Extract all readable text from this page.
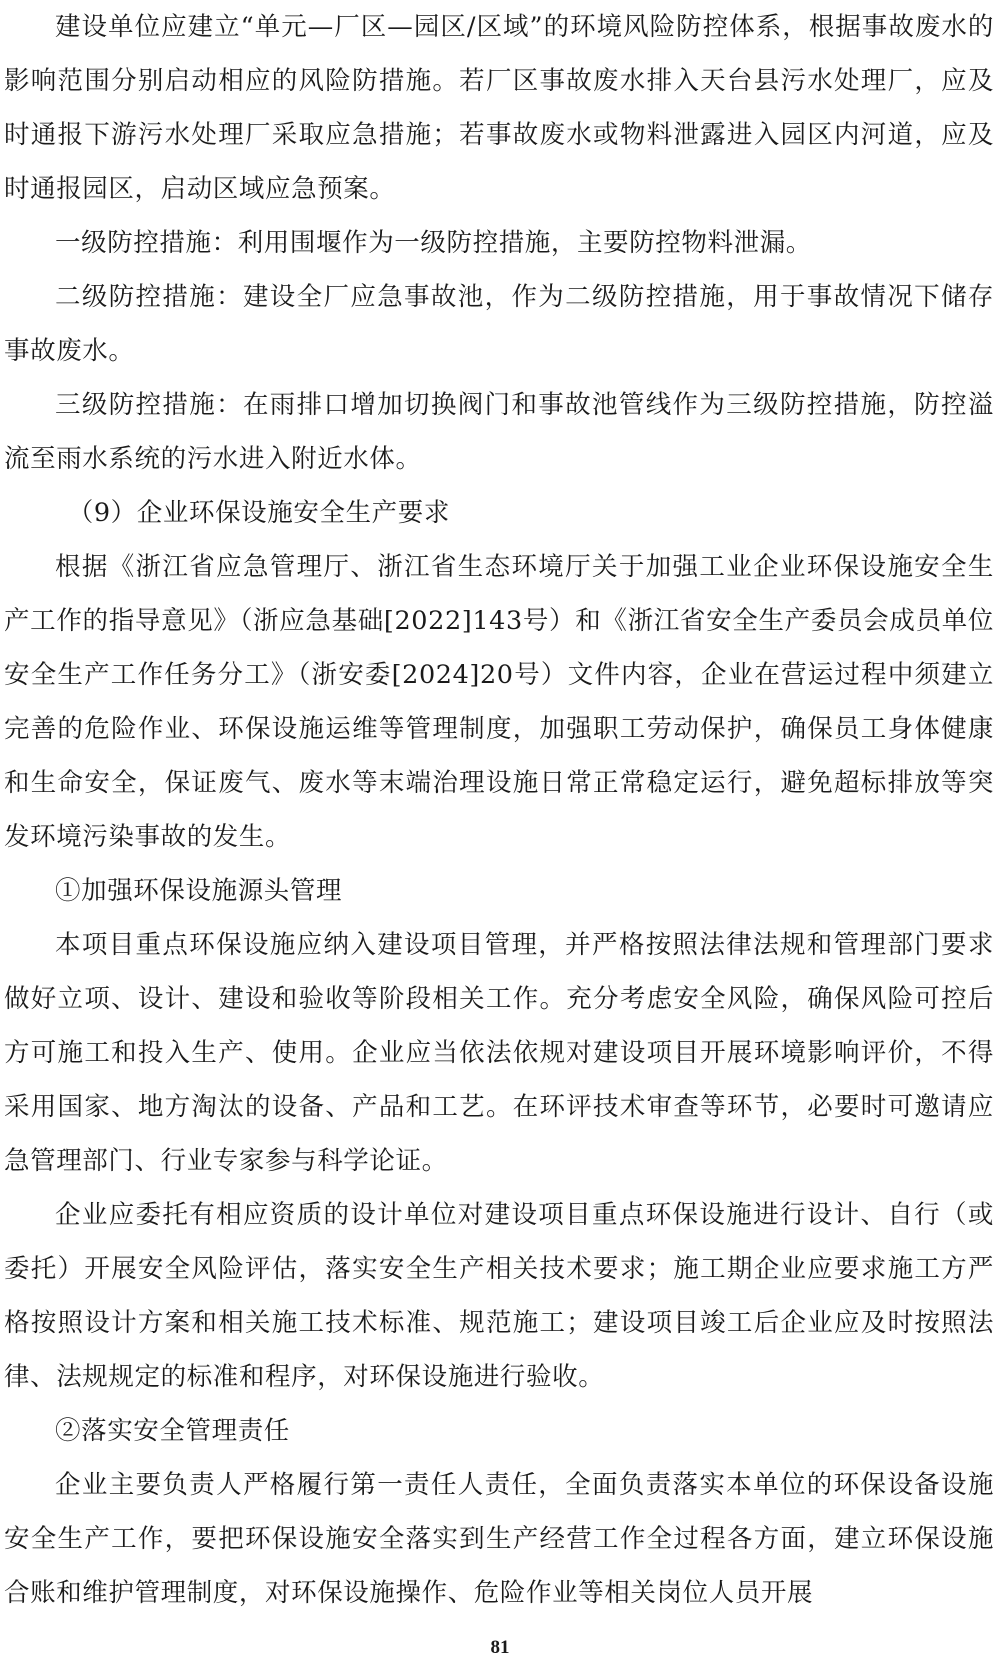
建设单位应建立“单元—厂区—园区/区域”的环境风险防控体系，根据事故废水的影响范围分别启动相应的风险防措施。若厂区事故废水排入天台县污水处理厂，应及时通报下游污水处理厂采取应急措施；若事故废水或物料泄露进入园区内河道，应及时通报园区，启动区域应急预案。

一级防控措施：利用围堰作为一级防控措施，主要防控物料泄漏。

二级防控措施：建设全厂应急事故池，作为二级防控措施，用于事故情况下储存事故废水。

三级防控措施：在雨排口增加切换阀门和事故池管线作为三级防控措施，防控溢流至雨水系统的污水进入附近水体。

（9）企业环保设施安全生产要求

根据《浙江省应急管理厅、浙江省生态环境厅关于加强工业企业环保设施安全生产工作的指导意见》（浙应急基础[2022]143号）和《浙江省安全生产委员会成员单位安全生产工作任务分工》（浙安委[2024]20号）文件内容，企业在营运过程中须建立完善的危险作业、环保设施运维等管理制度，加强职工劳动保护，确保员工身体健康和生命安全，保证废气、废水等末端治理设施日常正常稳定运行，避免超标排放等突发环境污染事故的发生。

①加强环保设施源头管理

本项目重点环保设施应纳入建设项目管理，并严格按照法律法规和管理部门要求做好立项、设计、建设和验收等阶段相关工作。充分考虑安全风险，确保风险可控后方可施工和投入生产、使用。企业应当依法依规对建设项目开展环境影响评价，不得采用国家、地方淘汰的设备、产品和工艺。在环评技术审查等环节，必要时可邀请应急管理部门、行业专家参与科学论证。

企业应委托有相应资质的设计单位对建设项目重点环保设施进行设计、自行（或委托）开展安全风险评估，落实安全生产相关技术要求；施工期企业应要求施工方严格按照设计方案和相关施工技术标准、规范施工；建设项目竣工后企业应及时按照法律、法规规定的标准和程序，对环保设施进行验收。

②落实安全管理责任

企业主要负责人严格履行第一责任人责任，全面负责落实本单位的环保设备设施安全生产工作，要把环保设施安全落实到生产经营工作全过程各方面，建立环保设施合账和维护管理制度，对环保设施操作、危险作业等相关岗位人员开展

81
